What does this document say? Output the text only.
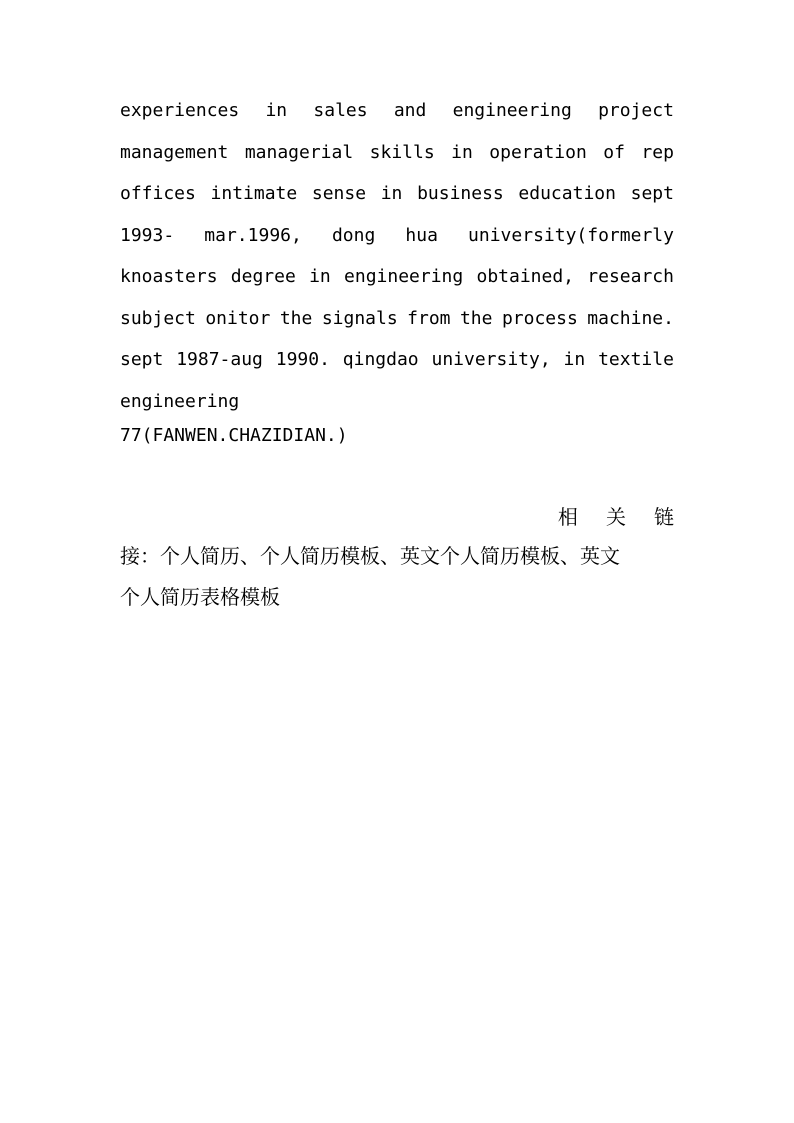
experiences in sales and engineering project
management managerial skills in operation of rep
offices intimate sense in business education sept
1993- mar.1996, dong hua university(formerly
knoasters degree in engineering obtained, research
subject onitor the signals from the process machine.
sept 1987-aug 1990. qingdao university, in textile
engineering
77(FANWEN.CHAZIDIAN.)
相 关 链
接：个人简历、个人简历模板、英文个人简历模板、英文
个人简历表格模板
